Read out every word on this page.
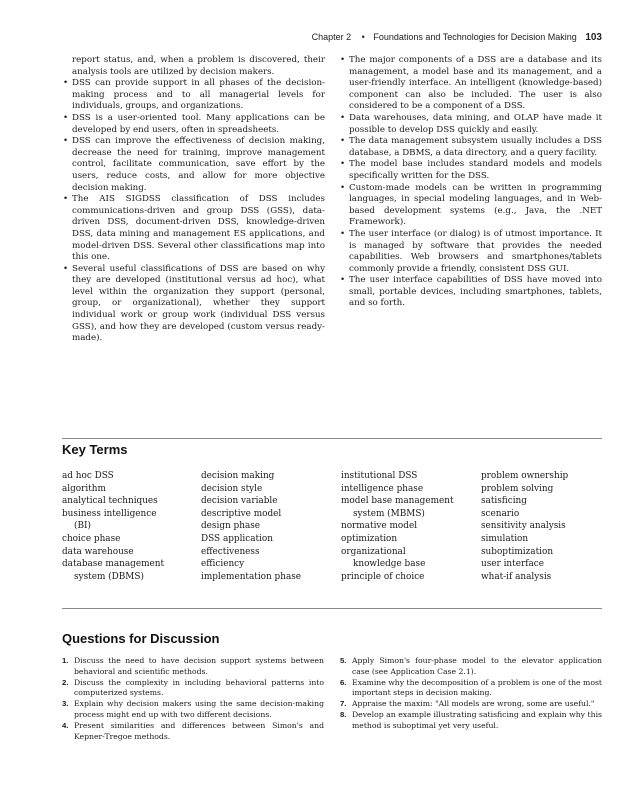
Chapter 2 • Foundations and Technologies for Decision Making 103

report status, and, when a problem is discovered, their analysis tools are utilized by decision makers.

• DSS can provide support in all phases of the decision-making process and to all managerial levels for individuals, groups, and organizations.
• DSS is a user-oriented tool. Many applications can be developed by end users, often in spreadsheets.
• DSS can improve the effectiveness of decision making, decrease the need for training, improve management control, facilitate communication, save effort by the users, reduce costs, and allow for more objective decision making.
• The AIS SIGDSS classification of DSS includes communications-driven and group DSS (GSS), data-driven DSS, document-driven DSS, knowledge-driven DSS, data mining and management ES applications, and model-driven DSS. Several other classifications map into this one.
• Several useful classifications of DSS are based on why they are developed (institutional versus ad hoc), what level within the organization they support (personal, group, or organizational), whether they support individual work or group work (individual DSS versus GSS), and how they are developed (custom versus ready-made).
• The major components of a DSS are a database and its management, a model base and its management, and a user-friendly interface. An intelligent (knowledge-based) component can also be included. The user is also considered to be a component of a DSS.
• Data warehouses, data mining, and OLAP have made it possible to develop DSS quickly and easily.
• The data management subsystem usually includes a DSS database, a DBMS, a data directory, and a query facility.
• The model base includes standard models and models specifically written for the DSS.
• Custom-made models can be written in programming languages, in special modeling languages, and in Web-based development systems (e.g., Java, the .NET Framework).
• The user interface (or dialog) is of utmost importance. It is managed by software that provides the needed capabilities. Web browsers and smartphones/tablets commonly provide a friendly, consistent DSS GUI.
• The user interface capabilities of DSS have moved into small, portable devices, including smartphones, tablets, and so forth.
Key Terms
ad hoc DSS
algorithm
analytical techniques
business intelligence
(BI)
choice phase
data warehouse
database management
system (DBMS)
decision making
decision style
decision variable
descriptive model
design phase
DSS application
effectiveness
efficiency
implementation phase
institutional DSS
intelligence phase
model base management
system (MBMS)
normative model
optimization
organizational
knowledge base
principle of choice
problem ownership
problem solving
satisficing
scenario
sensitivity analysis
simulation
suboptimization
user interface
what-if analysis
Questions for Discussion

1. Discuss the need to have decision support systems between behavioral and scientific methods.

2. Discuss the complexity in including behavioral patterns into computerized systems.

3. Explain why decision makers using the same decision-making process might end up with two different decisions.

4. Present similarities and differences between Simon's and Kepner-Tregoe methods.

5. Apply Simon's four-phase model to the elevator application case (see Application Case 2.1).

6. Examine why the decomposition of a problem is one of the most important steps in decision making.

7. Appraise the maxim: "All models are wrong, some are useful."

8. Develop an example illustrating satisficing and explain why this method is suboptimal yet very useful.
